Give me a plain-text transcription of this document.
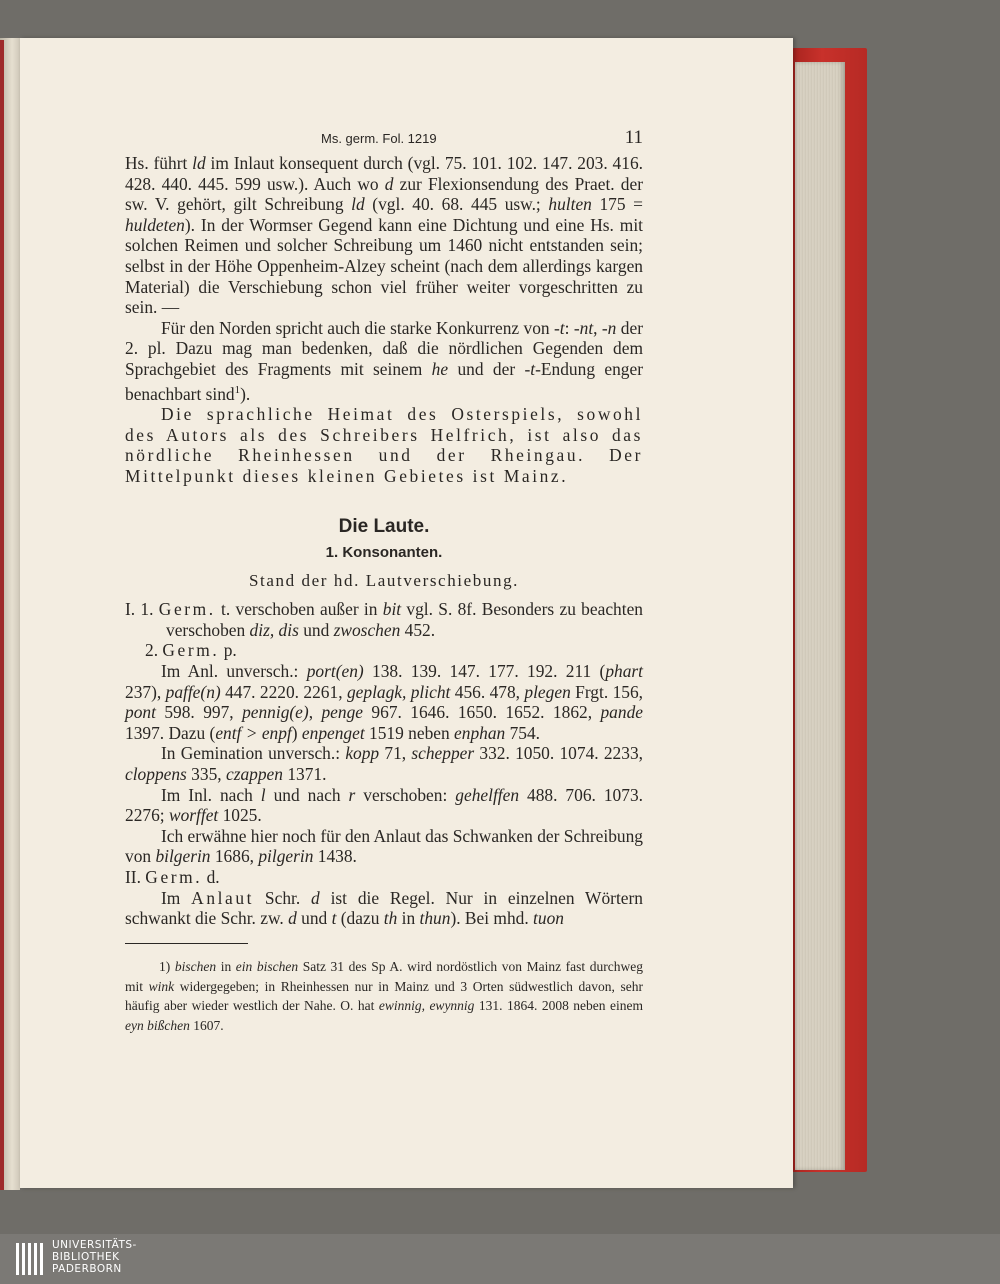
Ms. germ. Fol. 1219	11

Hs. führt ld im Inlaut konsequent durch (vgl. 75. 101. 102. 147. 203. 416. 428. 440. 445. 599 usw.). Auch wo d zur Flexionsendung des Praet. der sw. V. gehört, gilt Schreibung ld (vgl. 40. 68. 445 usw.; hulten 175 = huldeten). In der Wormser Gegend kann eine Dichtung und eine Hs. mit solchen Reimen und solcher Schreibung um 1460 nicht entstanden sein; selbst in der Höhe Oppenheim-Alzey scheint (nach dem allerdings kargen Material) die Verschiebung schon viel früher weiter vorgeschritten zu sein. —

Für den Norden spricht auch die starke Konkurrenz von -t: -nt, -n der 2. pl. Dazu mag man bedenken, daß die nördlichen Gegenden dem Sprachgebiet des Fragments mit seinem he und der -t-Endung enger benachbart sind$^1$).

Die sprachliche Heimat des Osterspiels, sowohl des Autors als des Schreibers Helfrich, ist also das nördliche Rheinhessen und der Rheingau. Der Mittelpunkt dieses kleinen Gebietes ist Mainz.

Die Laute.
1. Konsonanten.
Stand der hd. Lautverschiebung.

I. 1. Germ. t. verschoben außer in bit vgl. S. 8f. Besonders zu beachten verschoben diz, dis und zwoschen 452.

2. Germ. p.

Im Anl. unversch.: port(en) 138. 139. 147. 177. 192. 211 (phart 237), paffe(n) 447. 2220. 2261, geplagk, plicht 456. 478, plegen Frgt. 156, pont 598. 997, pennig(e), penge 967. 1646. 1650. 1652. 1862, pande 1397. Dazu (entf > enpf) enpenget 1519 neben enphan 754.

In Gemination unversch.: kopp 71, schepper 332. 1050. 1074. 2233, cloppens 335, czappen 1371.

Im Inl. nach l und nach r verschoben: gehelffen 488. 706. 1073. 2276; worffet 1025.

Ich erwähne hier noch für den Anlaut das Schwanken der Schreibung von bilgerin 1686, pilgerin 1438.

II. Germ. d.

Im Anlaut Schr. d ist die Regel. Nur in einzelnen Wörtern schwankt die Schr. zw. d und t (dazu th in thun). Bei mhd. tuon

1) bischen in ein bischen Satz 31 des Sp A. wird nordöstlich von Mainz fast durchweg mit wink widergegeben; in Rheinhessen nur in Mainz und 3 Orten südwestlich davon, sehr häufig aber wieder westlich der Nahe. O. hat ewinnig, ewynnig 131. 1864. 2008 neben einem eyn bißchen 1607.

UNIVERSITÄTS-
BIBLIOTHEK
PADERBORN
